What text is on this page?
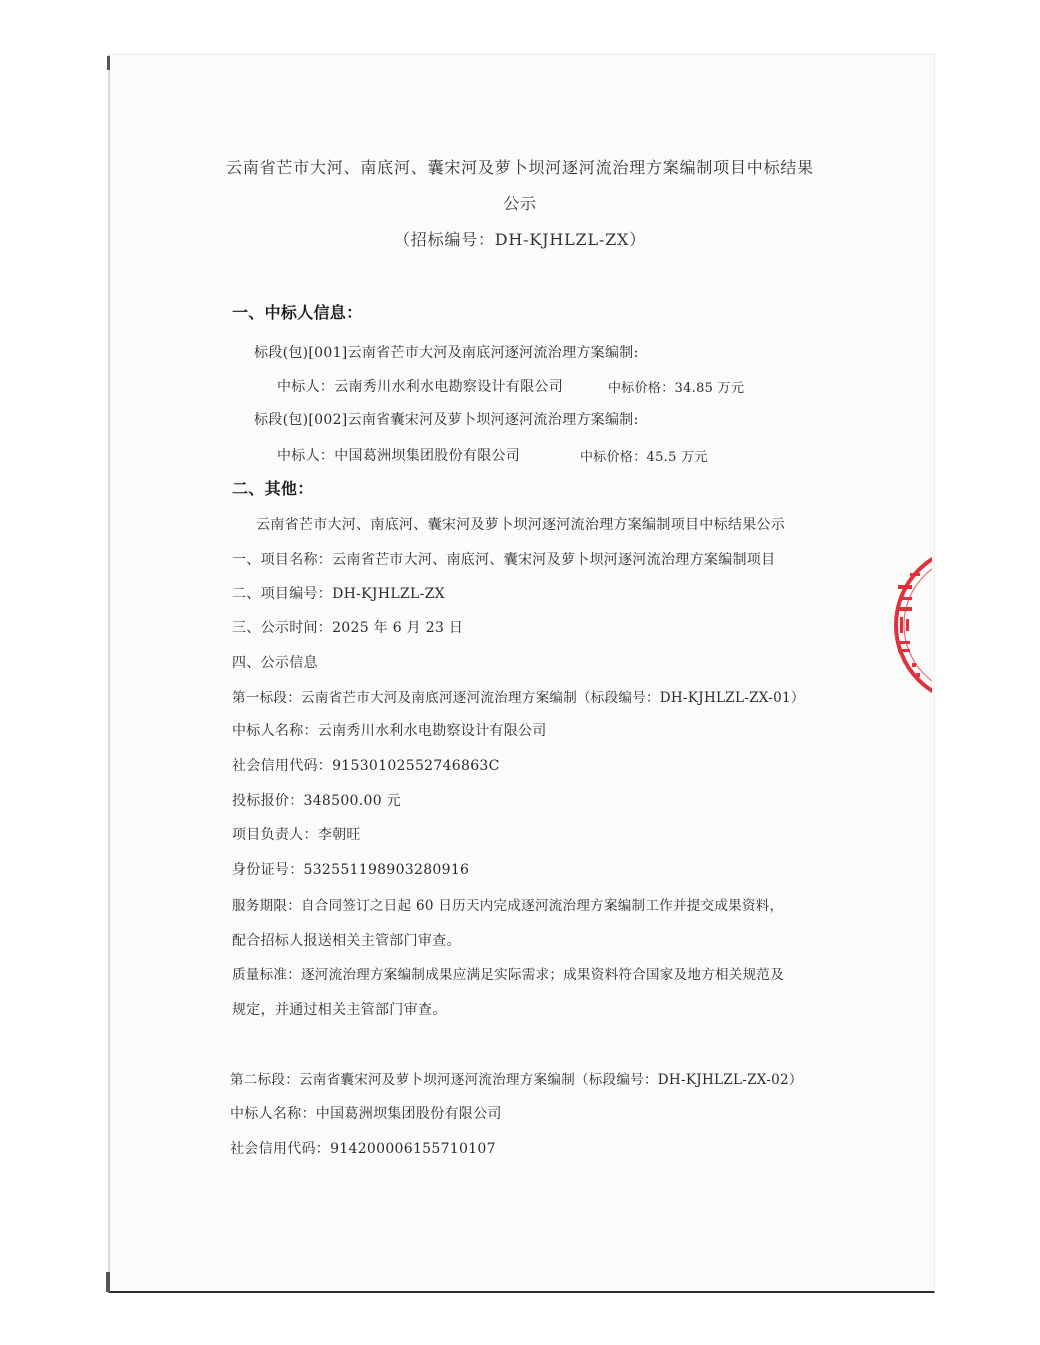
云南省芒市大河、南底河、囊宋河及萝卜坝河逐河流治理方案编制项目中标结果
公示
（招标编号：DH-KJHLZL-ZX）
一、中标人信息：
标段(包)[001]云南省芒市大河及南底河逐河流治理方案编制:
中标人：云南秀川水利水电勘察设计有限公司	中标价格：34.85 万元
标段(包)[002]云南省囊宋河及萝卜坝河逐河流治理方案编制:
中标人：中国葛洲坝集团股份有限公司	中标价格：45.5 万元
二、其他：
云南省芒市大河、南底河、囊宋河及萝卜坝河逐河流治理方案编制项目中标结果公示
一、项目名称：云南省芒市大河、南底河、囊宋河及萝卜坝河逐河流治理方案编制项目
二、项目编号：DH-KJHLZL-ZX
三、公示时间：2025 年 6 月 23 日
四、公示信息
第一标段：云南省芒市大河及南底河逐河流治理方案编制（标段编号：DH-KJHLZL-ZX-01）
中标人名称：云南秀川水利水电勘察设计有限公司
社会信用代码：91530102552746863C
投标报价：348500.00 元
项目负责人：李朝旺
身份证号：532551198903280916
服务期限：自合同签订之日起 60 日历天内完成逐河流治理方案编制工作并提交成果资料，
配合招标人报送相关主管部门审查。
质量标准：逐河流治理方案编制成果应满足实际需求；成果资料符合国家及地方相关规范及
规定，并通过相关主管部门审查。
第二标段：云南省囊宋河及萝卜坝河逐河流治理方案编制（标段编号：DH-KJHLZL-ZX-02）
中标人名称：中国葛洲坝集团股份有限公司
社会信用代码：914200006155710107
